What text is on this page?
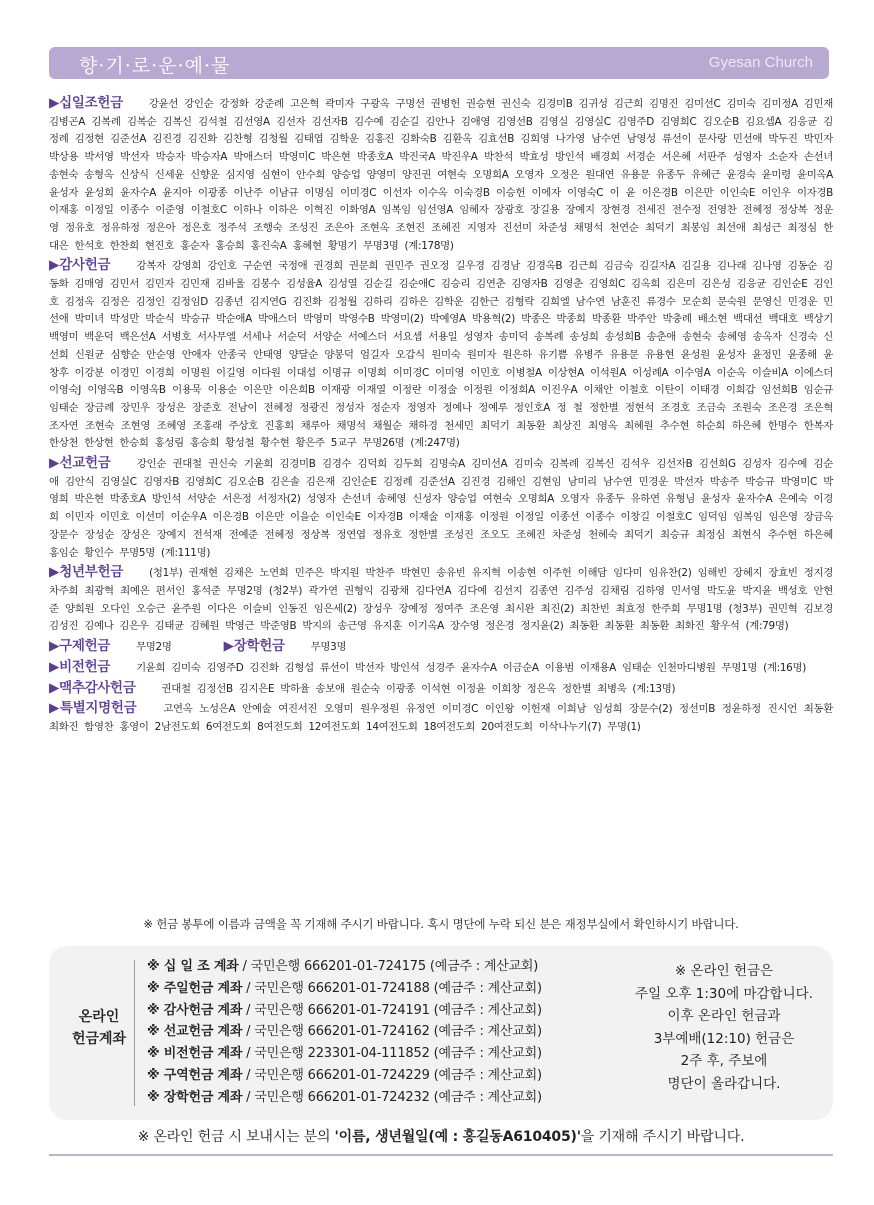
향·기·로·운·예·물	Gyesan Church
▶십일조헌금	강윤선 강인순 강정화 강준례 고은혁 곽미자 구광옥 구명선 권병헌 권승현 권신숙 김경미B 김귀성 김근희 김명진 김미선C 김미숙 김미정A 김민재 김병곤A 김복례 김복순 김복신 김석철 김선영A 김선자 김선자B 김수예 김순길 김안나 김애영 김영선B 김영실 김영실C 김영주D 김영희C 김오순B 김요셉A 김응균 김정례 김정현 김준선A 김진경 김진화 김찬형 김청월 김태엽 김학운 김홍진 김화숙B 김환옥 김효선B 김희영 나가영 남수연 남영성 류선이 문사랑 민선애 박두진 박민자 박상용 박서영 박선자 박승자 박승자A 박애스더 박영미C 박은현 박종호A 박진국A 박진우A 박찬석 박효성 방인석 배경희 서경순 서은혜 서판주 성영자 소순자 손선녀 송현숙 송형옥 신상식 신세윤 신향운 심지영 심현이 안수희 양승업 양영미 양진권 여현숙 오명희A 오영자 오정은 원대연 유용문 유종두 유혜근 윤경숙 윤미령 윤미옥A 윤성자 윤성희 윤자수A 윤지아 이광종 이난주 이남규 이명심 이미경C 이선자 이수옥 이숙경B 이승헌 이에자 이영숙C 이 윤 이은경B 이은만 이인숙E 이인우 이자경B 이재홍 이정일 이종수 이준영 이철호C 이하나 이하은 이혁진 이화영A 임복임 임선영A 임혜자 장광호 장길용 장예지 장현경 전세진 전수정 전영찬 전혜정 정상복 정운영 정유호 정유하정 정은아 정은호 정주석 조행숙 조성진 조은아 조현옥 조현진 조혜진 지영자 진선미 차준성 채명석 천연순 최덕기 최봉임 최선애 최성근 최정심 한대은 한석호 한찬희 현진호 홍순자 홍승희 홍진숙A 홍혜현 황명기 무명3명 (계:178명)
▶감사헌금	강복자 강영희 강인호 구순연 국정애 권경희 권문희 권민주 권오정 길우경 김경남 김경옥B 김근희 김금숙 김길자A 김길용 김나래 김나영 김동순 김동화 김매영 김민서 김민자 김민재 김바울 김봉수 김성율A 김성열 김순길 김순애C 김승리 김연춘 김영자B 김영춘 김영희C 김옥희 김은미 김은성 김응균 김인순E 김인호 김정옥 김정은 김정인 김정임D 김종년 김지연G 김진화 김청월 김하리 김하은 김학운 김한근 김형락 김희엘 남수연 남훈진 류경수 모순희 문숙원 문영신 민경운 민선애 박미녀 박성만 박순식 박승규 박순애A 박애스더 박영미 박영수B 박영미(2) 박예영A 박용혁(2) 박종은 박종희 박종환 박주안 박충례 배소현 백대선 백대호 백상기 백영미 백운덕 백은선A 서병호 서사무엘 서세나 서순덕 서양순 서예스더 서요셉 서용일 성영자 송미덕 송복례 송성희 송성희B 송춘애 송현숙 송혜영 송옥자 신경숙 신선희 신원균 심향순 안순영 안애자 안종국 안태영 양달순 양봉덕 엄길자 오갑식 원미숙 원미자 원은하 유기쁨 유병주 유용문 유용현 윤성원 윤성자 윤정민 윤종해 윤창후 이강분 이경민 이경희 이명원 이길영 이다원 이대섭 이명규 이명희 이미경C 이미영 이민호 이병철A 이상현A 이석원A 이성례A 이수영A 이순옥 이슬비A 이에스더 이영숙J 이영옥B 이영옥B 이용묵 이용순 이은만 이은희B 이재광 이재열 이정란 이정술 이정원 이정희A 이진우A 이채안 이철호 이탄이 이태경 이희갑 임선희B 임순규 임태순 장금례 장민우 장성은 장준호 전남이 전혜정 정광진 정성자 정순자 정영자 정예나 정예루 정인호A 정 철 정한별 정현석 조경호 조금숙 조원숙 조은경 조은혁 조자연 조현숙 조현영 조혜영 조홍래 주상호 진홍회 채루아 채명석 채월순 채하경 천세민 최덕기 최동환 최상진 최영옥 최혜원 추수현 하순희 하은혜 한명수 한복자 한상천 한상현 한승희 홍성림 홍승희 황성철 황수현 황은주 5교구 무명26명 (계:247명)
▶선교헌금	강인순 권대철 권신숙 기윤희 김경미B 김경수 김덕희 김두희 김명숙A 김미선A 김미숙 김복례 김복신 김석우 김선자B 김선희G 김성자 김수예 김순애 김안식 김영실C 김영자B 김영희C 김오순B 김은솔 김은재 김인순E 김정례 김준선A 김진경 김해인 김현임 남미리 남수연 민경운 박선자 박송주 박승규 박영미C 박영희 박은현 박종호A 방인석 서양순 서은정 서정자(2) 성영자 손선녀 송혜영 신성자 양승업 여현숙 오명희A 오영자 유종두 유하연 유형님 윤성자 윤자수A 은예숙 이경희 이민자 이민호 이선미 이순우A 이은경B 이은만 이을순 이인숙E 이자경B 이재술 이재홍 이정원 이정일 이종선 이종수 이창길 이철호C 임덕임 임복임 임은영 장금옥 장문수 장성순 장성은 장예지 전석재 전예준 전혜정 정상복 정연엽 정유호 정한별 조성진 조오도 조혜진 차준성 천혜숙 최덕기 최승규 최정심 최현식 추수현 하은혜 홍임순 황인수 무명5명 (계:111명)
▶청년부헌금	(청1부) 권재현 김채은 노연희 민주은 박지원 박찬주 박현민 송유빈 유지혁 이송현 이주헌 이해담 임다미 임유찬(2) 임해빈 장혜지 장효빈 정지경 차주희 최광혁 최예은 편서인 홍석준 무명2명 (청2부) 곽가연 권형익 김광채 김다연A 김다예 김선지 김종연 김주성 김채림 김하영 민서영 박도윤 박지윤 백성호 안현준 양희원 오다인 오승근 윤주원 이다은 이슬비 인동진 임은세(2) 장성우 장예정 정여주 조은영 최시완 최진(2) 최찬빈 최효정 한주희 무명1명 (청3부) 권민혁 김보경 김성진 김예나 김은우 김태균 김혜원 박영근 박준영B 박지의 송근영 유지훈 이기옥A 장수영 정은경 정지윤(2) 최동환 최동환 최동환 최화진 황우석 (계:79명)
▶구제헌금	무명2명	▶장학헌금	무명3명
▶비전헌금	기윤희 김미숙 김영주D 김진화 김형섭 류선이 박선자 방인석 성경주 윤자수A 이금순A 이용범 이재용A 임태순 인천마디병원 무명1명 (계:16명)
▶맥추감사헌금	권대철 김정선B 김지은E 박하율 송보애 원순숙 이광종 이석현 이정윤 이희창 정은옥 정한별 최병욱 (계:13명)
▶특별지명헌금	고연옥 노성은A 안예술 여진서진 오영미 원우정원 유정연 이미경C 이인왕 이헌재 이희남 임성희 장문수(2) 정선미B 정윤하정 진시언 최동환 최화진 함영찬 홍영이 2남전도회 6여전도회 8여전도회 12여전도회 14여전도회 18여전도회 20여전도회 이삭나누기(7) 무명(1)
※ 헌금 봉투에 이름과 금액을 꼭 기재해 주시기 바랍니다. 혹시 명단에 누락 되신 분은 재정부실에서 확인하시기 바랍니다.
온라인
헌금계좌
※ 십 일 조 계좌 / 국민은행 666201-01-724175 (예금주 : 계산교회)
※ 주일헌금 계좌 / 국민은행 666201-01-724188 (예금주 : 계산교회)
※ 감사헌금 계좌 / 국민은행 666201-01-724191 (예금주 : 계산교회)
※ 선교헌금 계좌 / 국민은행 666201-01-724162 (예금주 : 계산교회)
※ 비전헌금 계좌 / 국민은행 223301-04-111852 (예금주 : 계산교회)
※ 구역헌금 계좌 / 국민은행 666201-01-724229 (예금주 : 계산교회)
※ 장학헌금 계좌 / 국민은행 666201-01-724232 (예금주 : 계산교회)
※ 온라인 헌금은
주일 오후 1:30에 마감합니다.
이후 온라인 헌금과
3부예배(12:10) 헌금은
2주 후, 주보에
명단이 올라갑니다.
※ 온라인 헌금 시 보내시는 분의 '이름, 생년월일(예 : 홍길동A610405)'을 기재해 주시기 바랍니다.
